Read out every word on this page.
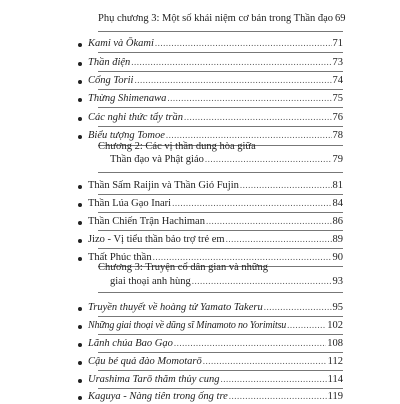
Phụ chương 3: Một số khái niệm cơ bản trong Thần đạo 69
Kami và Ōkami .....	71
Thần điện .....	73
Cổng Torii .....	74
Thừng Shimenawa .....	75
Các nghi thức tẩy trần .....	76
Biểu tượng Tomoe .....	78
Chương 2: Các vị thần dung hòa giữa
Thần đạo và Phật giáo .....	79
Thần Sấm Raijin và Thần Gió Fujin .....	81
Thần Lúa Gạo Inari .....	84
Thần Chiến Trận Hachiman .....	86
Jizo - Vị tiểu thần bảo trợ trẻ em .....	89
Thất Phúc thần .....	90
Chương 3: Truyện cổ dân gian và những
giai thoại anh hùng .....	93
Truyền thuyết về hoàng tử Yamato Takeru .....	95
Những giai thoại về dũng sĩ Minamoto no Yorimitsu .....	102
Lãnh chúa Bao Gạo .....	108
Cậu bé quả đào Momotarō .....	112
Urashima Tarō thăm thủy cung .....	114
Kaguya - Nàng tiên trong ống tre .....	119
